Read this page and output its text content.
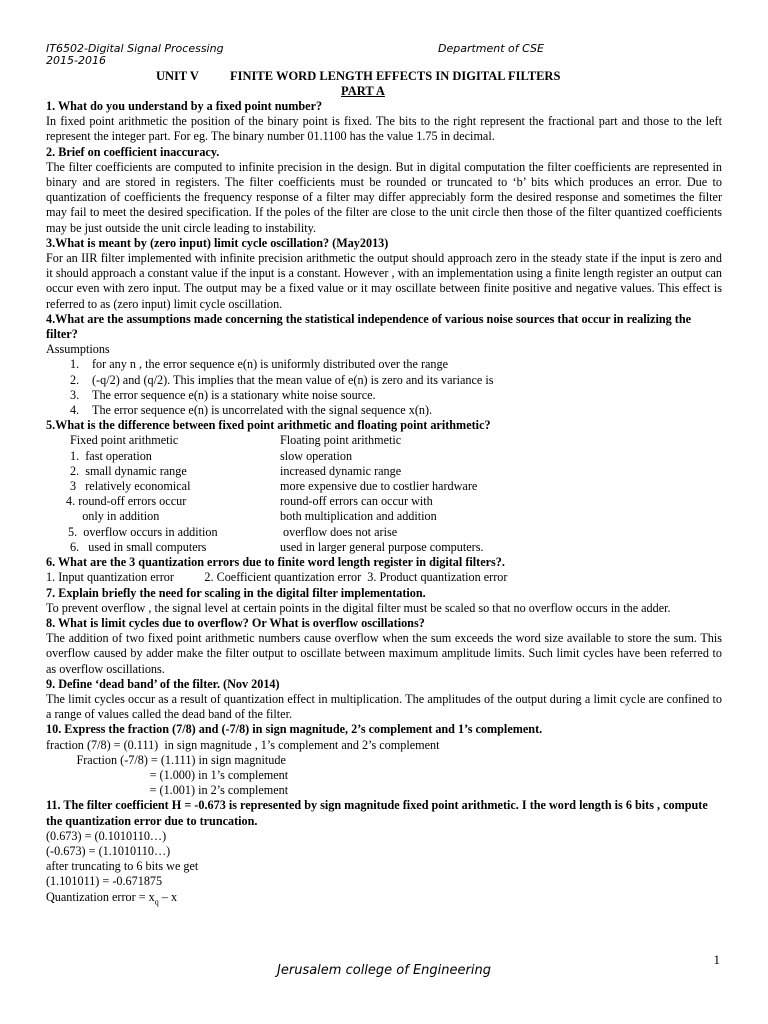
IT6502-Digital Signal Processing
2015-2016
Department of CSE
UNIT V          FINITE WORD LENGTH EFFECTS IN DIGITAL FILTERS
PART A

1. What do you understand by a fixed point number?

In fixed point arithmetic the position of the binary point is fixed. The bits to the right represent the fractional part and those to the left represent the integer part. For eg. The binary number 01.1100 has the value 1.75 in decimal.

2. Brief on coefficient inaccuracy.

The filter coefficients are computed to infinite precision in the design. But in digital computation the filter coefficients are represented in binary and are stored in registers. The filter coefficients must be rounded or truncated to ‘b’ bits which produces an error. Due to quantization of coefficients the frequency response of a filter may differ appreciably form the desired response and sometimes the filter may fail to meet the desired specification. If the poles of the filter are close to the unit circle then those of the filter quantized coefficients may be just outside the unit circle leading to instability.

3.What is meant by (zero input) limit cycle oscillation? (May2013)

For an IIR filter implemented with infinite precision arithmetic the output should approach zero in the steady state if the input is zero and it should approach a constant value if the input is a constant. However , with an implementation using a finite length register an output can occur even with zero input. The output may be a fixed value or it may oscillate between finite positive and negative values. This effect is referred to as (zero input) limit cycle oscillation.

4.What are the assumptions made concerning the statistical independence of various noise sources that occur in realizing the filter?

Assumptions

1. for any n , the error sequence e(n) is uniformly distributed over the range

2. (-q/2) and (q/2). This implies that the mean value of e(n) is zero and its variance is

3. The error sequence e(n) is a stationary white noise source.

4. The error sequence e(n) is uncorrelated with the signal sequence x(n).

5.What is the difference between fixed point arithmetic and floating point arithmetic?

Fixed point arithmetic	Floating point arithmetic

1.  fast operation	slow operation

2.  small dynamic range	increased dynamic range

3   relatively economical	more expensive due to costlier hardware

4. round-off errors occur	round-off errors can occur with

only in addition	both multiplication and addition

5.  overflow occurs in addition	overflow does not arise

6.   used in small computers	used in larger general purpose computers.

6. What are the 3 quantization errors due to finite word length register in digital filters?.

1. Input quantization error          2. Coefficient quantization error  3. Product quantization error

7. Explain briefly the need for scaling in the digital filter implementation.

To prevent overflow , the signal level at certain points in the digital filter must be scaled so that no overflow occurs in the adder.

8. What is limit cycles due to overflow? Or What is overflow oscillations?

The addition of two fixed point arithmetic numbers cause overflow when the sum exceeds the word size available to store the sum. This overflow caused by adder make the filter output to oscillate between maximum amplitude limits. Such limit cycles have been referred to as overflow oscillations.

9. Define ‘dead band’ of the filter. (Nov 2014)

The limit cycles occur as a result of quantization effect in multiplication. The amplitudes of the output during a limit cycle are confined to a range of values called the dead band of the filter.

10. Express the fraction (7/8) and (-7/8) in sign magnitude, 2’s complement and 1’s complement.

fraction (7/8) = (0.111)  in sign magnitude , 1’s complement and 2’s complement

Fraction (-7/8) = (1.111) in sign magnitude

= (1.000) in 1’s complement

= (1.001) in 2’s complement

11. The filter coefficient H = -0.673 is represented by sign magnitude fixed point arithmetic. I the word length is 6 bits , compute the quantization error due to truncation.

(0.673) = (0.1010110…)

(-0.673) = (1.1010110…)

after truncating to 6 bits we get

(1.101011) = -0.671875

Quantization error = $x_q$ – x

1
Jerusalem college of Engineering
